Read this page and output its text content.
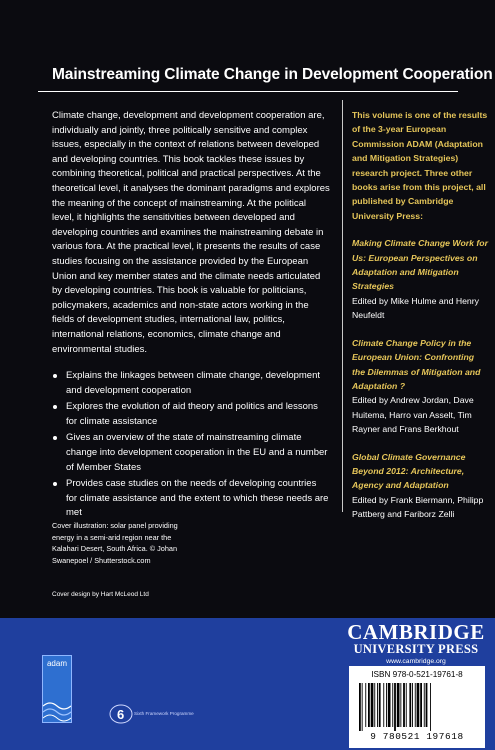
Mainstreaming Climate Change in Development Cooperation

Climate change, development and development cooperation are, individually and jointly, three politically sensitive and complex issues, especially in the context of relations between developed and developing countries. This book tackles these issues by combining theoretical, political and practical perspectives. At the theoretical level, it analyses the dominant paradigms and explores the meaning of the concept of mainstreaming. At the political level, it highlights the sensitivities between developed and developing countries and examines the mainstreaming debate in various fora. At the practical level, it presents the results of case studies focusing on the assistance provided by the European Union and key member states and the climate needs articulated by developing countries. This book is valuable for politicians, policymakers, academics and non-state actors working in the fields of development studies, international law, politics, international relations, economics, climate change and environmental studies.

Explains the linkages between climate change, development and development cooperation
Explores the evolution of aid theory and politics and lessons for climate assistance
Gives an overview of the state of mainstreaming climate change into development cooperation in the EU and a number of Member States
Provides case studies on the needs of developing countries for climate assistance and the extent to which these needs are met
This volume is one of the results of the 3-year European Commission ADAM (Adaptation and Mitigation Strategies) research project. Three other books arise from this project, all published by Cambridge University Press:
Making Climate Change Work for Us: European Perspectives on Adaptation and Mitigation Strategies
Edited by Mike Hulme and Henry Neufeldt
Climate Change Policy in the European Union: Confronting the Dilemmas of Mitigation and Adaptation ?
Edited by Andrew Jordan, Dave Huitema, Harro van Asselt, Tim Rayner and Frans Berkhout
Global Climate Governance Beyond 2012: Architecture, Agency and Adaptation
Edited by Frank Biermann, Philipp Pattberg and Fariborz Zelli
Cover illustration: solar panel providing energy in a semi-arid region near the Kalahari Desert, South Africa. © Johan Swanepoel / Shutterstock.com
Cover design by Hart McLeod Ltd
adam
6 Sixth Framework Programme
CAMBRIDGE
UNIVERSITY PRESS
www.cambridge.org
ISBN 978-0-521-19761-8
9 780521 197618
